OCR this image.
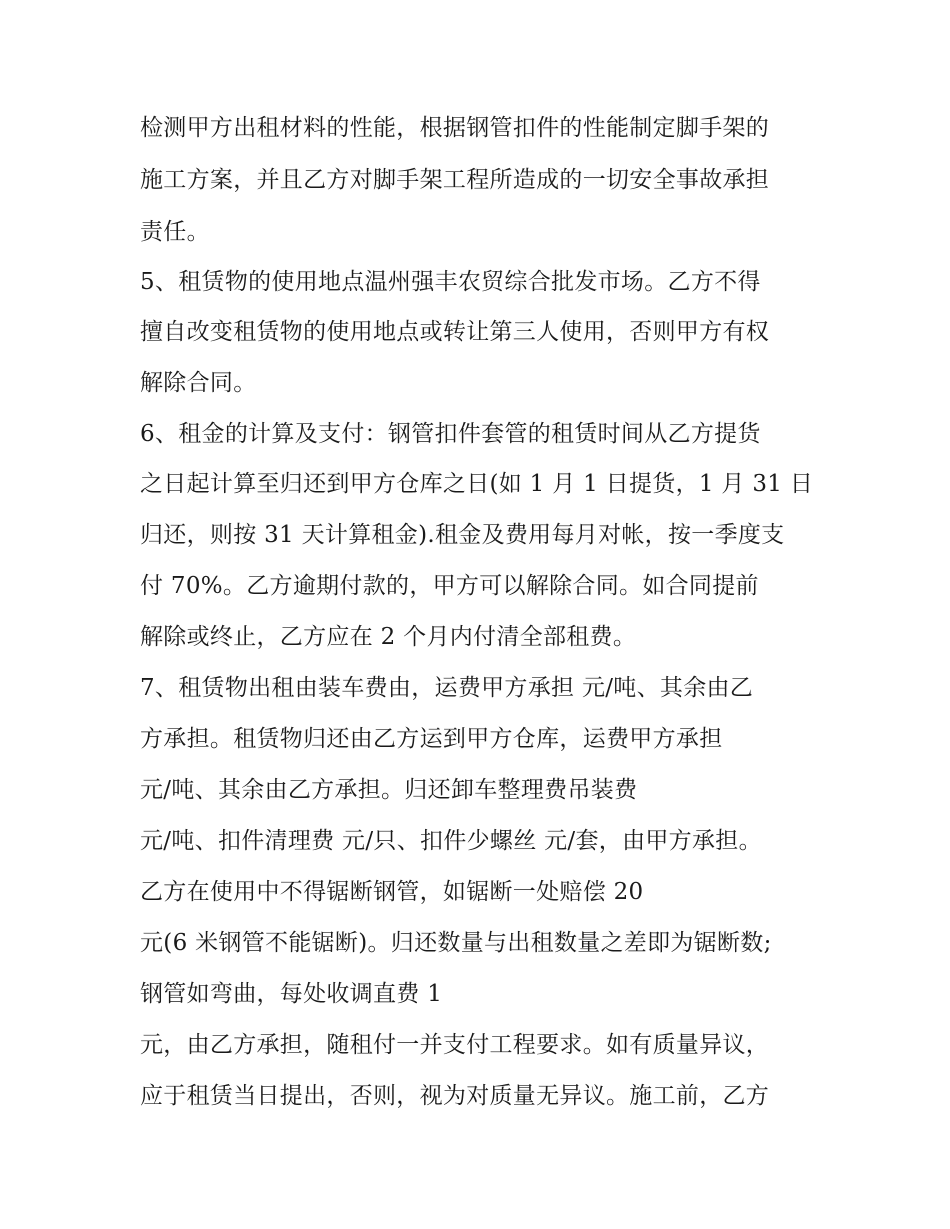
检测甲方出租材料的性能，根据钢管扣件的性能制定脚手架的

施工方案，并且乙方对脚手架工程所造成的一切安全事故承担

责任。

5、租赁物的使用地点温州强丰农贸综合批发市场。乙方不得

擅自改变租赁物的使用地点或转让第三人使用，否则甲方有权

解除合同。

6、租金的计算及支付：钢管扣件套管的租赁时间从乙方提货

之日起计算至归还到甲方仓库之日(如 1 月 1 日提货，1 月 31 日

归还，则按 31 天计算租金).租金及费用每月对帐，按一季度支

付 70%。乙方逾期付款的，甲方可以解除合同。如合同提前

解除或终止，乙方应在 2 个月内付清全部租费。

7、租赁物出租由装车费由，运费甲方承担 元/吨、其余由乙

方承担。租赁物归还由乙方运到甲方仓库，运费甲方承担

元/吨、其余由乙方承担。归还卸车整理费吊装费

元/吨、扣件清理费 元/只、扣件少螺丝 元/套，由甲方承担。

乙方在使用中不得锯断钢管，如锯断一处赔偿 20

元(6 米钢管不能锯断)。归还数量与出租数量之差即为锯断数;

钢管如弯曲，每处收调直费 1

元，由乙方承担，随租付一并支付工程要求。如有质量异议，

应于租赁当日提出，否则，视为对质量无异议。施工前，乙方
